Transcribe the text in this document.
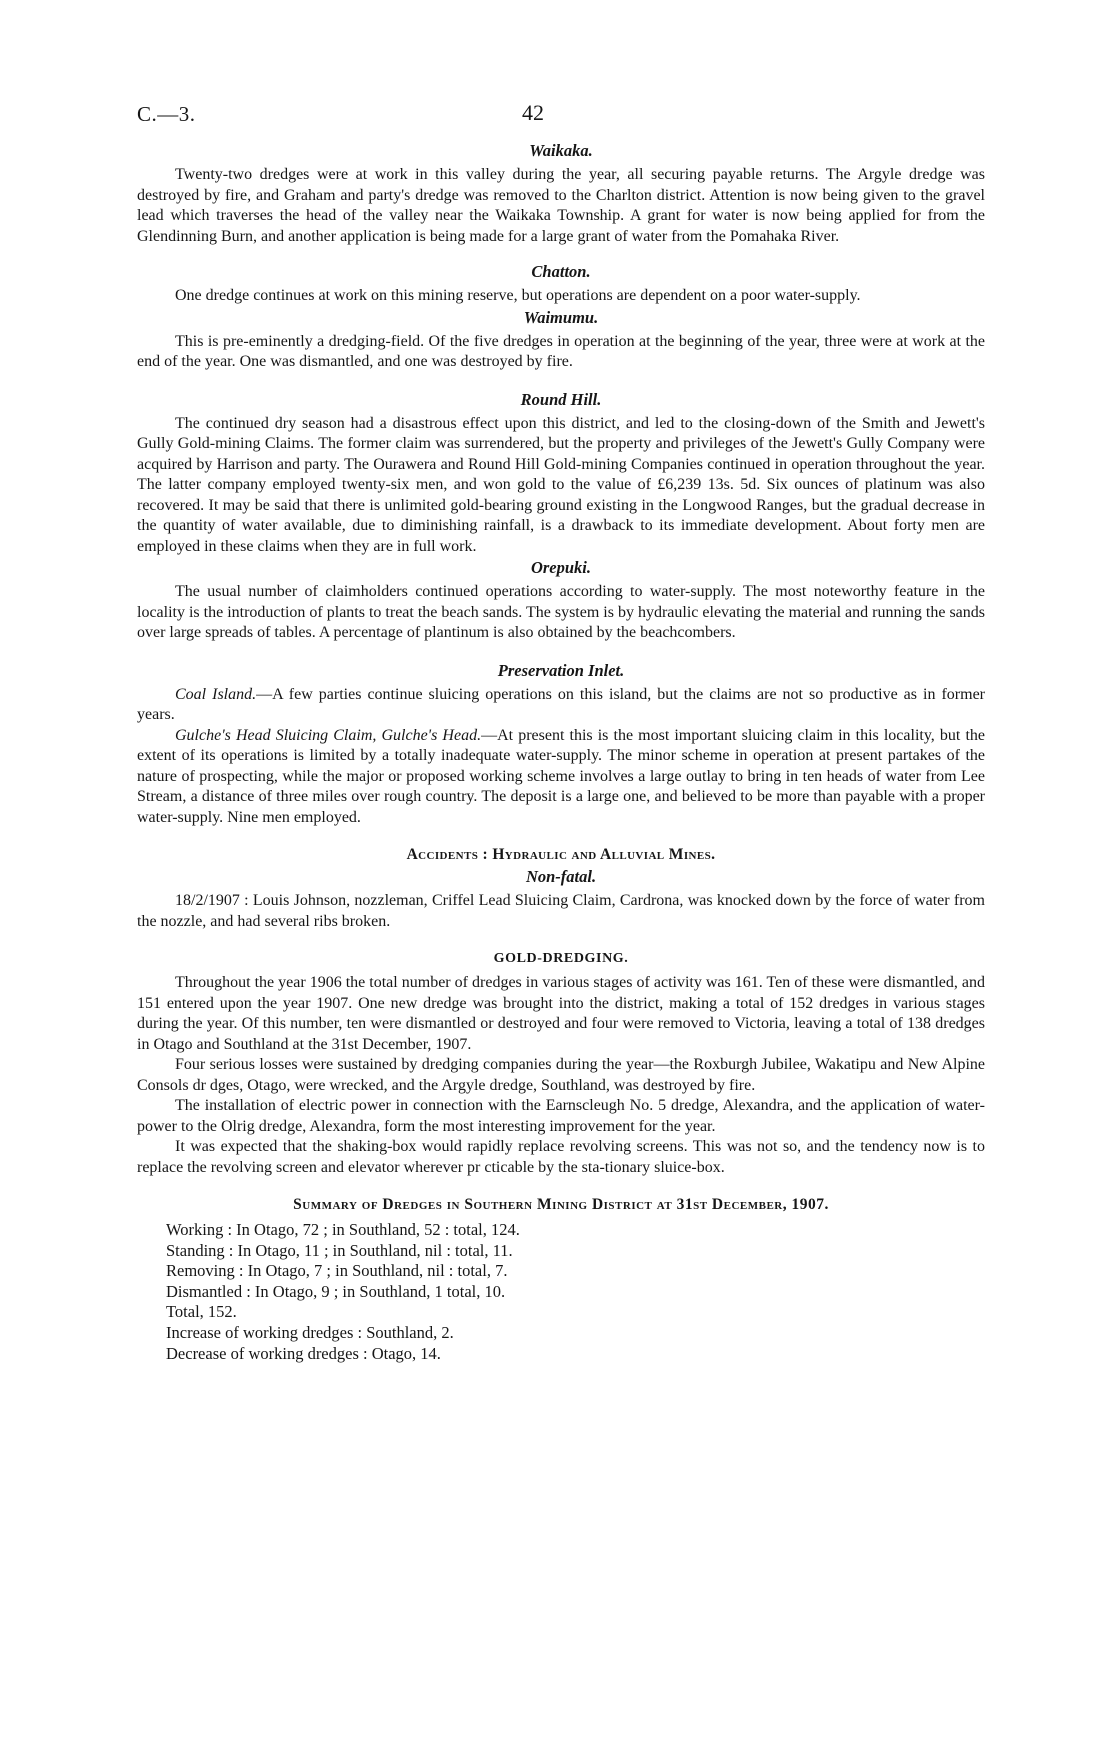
C.—3.	42
Waikaka.

Twenty-two dredges were at work in this valley during the year, all securing payable returns. The Argyle dredge was destroyed by fire, and Graham and party's dredge was removed to the Charlton district. Attention is now being given to the gravel lead which traverses the head of the valley near the Waikaka Township. A grant for water is now being applied for from the Glendinning Burn, and another application is being made for a large grant of water from the Pomahaka River.

Chatton.

One dredge continues at work on this mining reserve, but operations are dependent on a poor water-supply.

Waimumu.

This is pre-eminently a dredging-field. Of the five dredges in operation at the beginning of the year, three were at work at the end of the year. One was dismantled, and one was destroyed by fire.

Round Hill.

The continued dry season had a disastrous effect upon this district, and led to the closing-down of the Smith and Jewett's Gully Gold-mining Claims. The former claim was surrendered, but the property and privileges of the Jewett's Gully Company were acquired by Harrison and party. The Ourawera and Round Hill Gold-mining Companies continued in operation throughout the year. The latter company employed twenty-six men, and won gold to the value of £6,239 13s. 5d. Six ounces of platinum was also recovered. It may be said that there is unlimited gold-bearing ground existing in the Longwood Ranges, but the gradual decrease in the quantity of water available, due to diminishing rainfall, is a drawback to its immediate development. About forty men are employed in these claims when they are in full work.

Orepuki.

The usual number of claimholders continued operations according to water-supply. The most noteworthy feature in the locality is the introduction of plants to treat the beach sands. The system is by hydraulic elevating the material and running the sands over large spreads of tables. A percentage of plantinum is also obtained by the beachcombers.

Preservation Inlet.

Coal Island.—A few parties continue sluicing operations on this island, but the claims are not so productive as in former years.

Gulche's Head Sluicing Claim, Gulche's Head.—At present this is the most important sluicing claim in this locality, but the extent of its operations is limited by a totally inadequate water-supply. The minor scheme in operation at present partakes of the nature of prospecting, while the major or proposed working scheme involves a large outlay to bring in ten heads of water from Lee Stream, a distance of three miles over rough country. The deposit is a large one, and believed to be more than payable with a proper water-supply. Nine men employed.

Accidents : Hydraulic and Alluvial Mines.
Non-fatal.

18/2/1907 : Louis Johnson, nozzleman, Criffel Lead Sluicing Claim, Cardrona, was knocked down by the force of water from the nozzle, and had several ribs broken.

GOLD-DREDGING.

Throughout the year 1906 the total number of dredges in various stages of activity was 161. Ten of these were dismantled, and 151 entered upon the year 1907. One new dredge was brought into the district, making a total of 152 dredges in various stages during the year. Of this number, ten were dismantled or destroyed and four were removed to Victoria, leaving a total of 138 dredges in Otago and Southland at the 31st December, 1907.

Four serious losses were sustained by dredging companies during the year—the Roxburgh Jubilee, Wakatipu and New Alpine Consols dr dges, Otago, were wrecked, and the Argyle dredge, Southland, was destroyed by fire.

The installation of electric power in connection with the Earnscleugh No. 5 dredge, Alexandra, and the application of water-power to the Olrig dredge, Alexandra, form the most interesting improvement for the year.

It was expected that the shaking-box would rapidly replace revolving screens. This was not so, and the tendency now is to replace the revolving screen and elevator wherever pr cticable by the sta-tionary sluice-box.

Summary of Dredges in Southern Mining District at 31st December, 1907.

Working : In Otago, 72 ; in Southland, 52 : total, 124.

Standing : In Otago, 11 ; in Southland, nil : total, 11.

Removing : In Otago, 7 ; in Southland, nil : total, 7.

Dismantled : In Otago, 9 ; in Southland, 1 total, 10.

Total, 152.

Increase of working dredges : Southland, 2.

Decrease of working dredges : Otago, 14.
